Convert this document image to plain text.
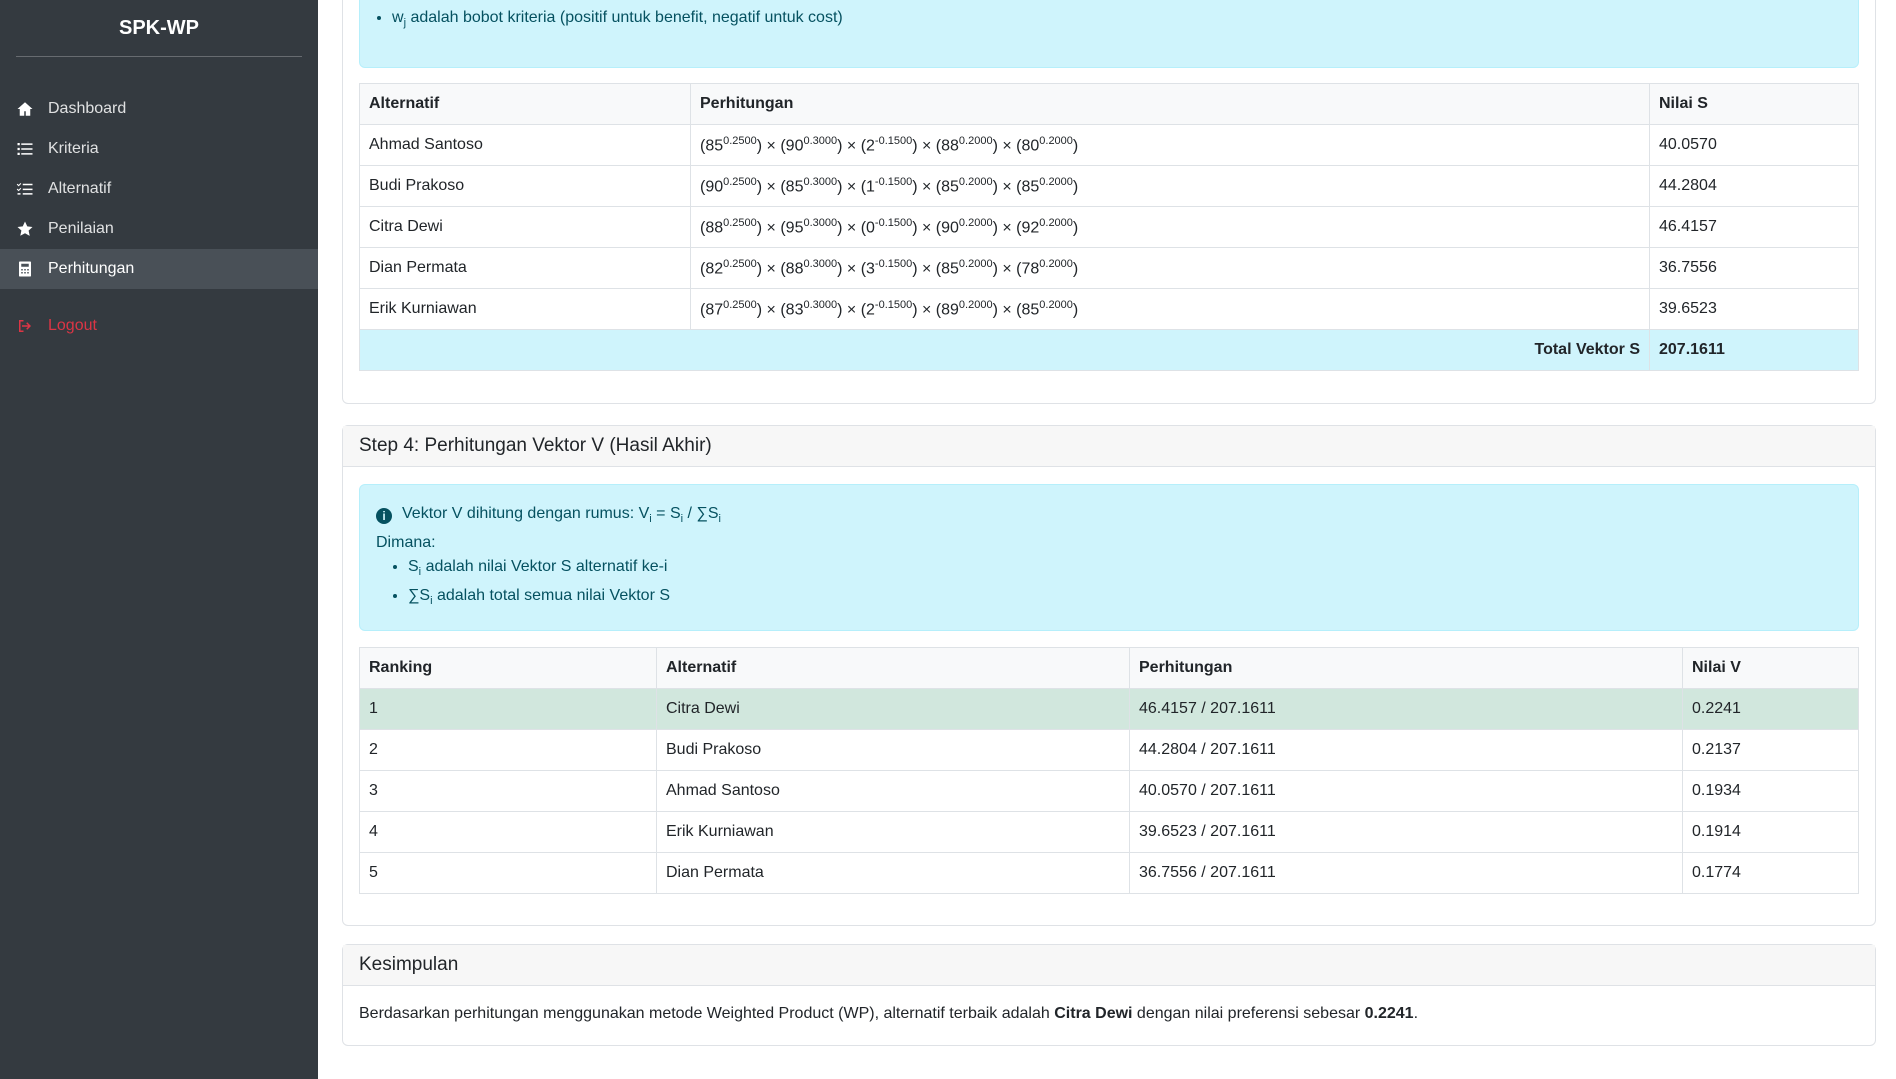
SPK-WP
Dashboard
Kriteria
Alternatif
Penilaian
Perhitungan
Logout
•
• $w_j$ adalah bobot kriteria (positif untuk benefit, negatif untuk cost)
Alternatif	Perhitungan	Nilai S
Ahmad Santoso	$(85^{0.2500}) \times (90^{0.3000}) \times (2^{-0.1500}) \times (88^{0.2000}) \times (80^{0.2000})$	40.0570
Budi Prakoso	$(90^{0.2500}) \times (85^{0.3000}) \times (1^{-0.1500}) \times (85^{0.2000}) \times (85^{0.2000})$	44.2804
Citra Dewi	$(88^{0.2500}) \times (95^{0.3000}) \times (0^{-0.1500}) \times (90^{0.2000}) \times (92^{0.2000})$	46.4157
Dian Permata	$(82^{0.2500}) \times (88^{0.3000}) \times (3^{-0.1500}) \times (85^{0.2000}) \times (78^{0.2000})$	36.7556
Erik Kurniawan	$(87^{0.2500}) \times (83^{0.3000}) \times (2^{-0.1500}) \times (89^{0.2000}) \times (85^{0.2000})$	39.6523
Total Vektor S		207.1611
Step 4: Perhitungan Vektor V (Hasil Akhir)
i Vektor V dihitung dengan rumus: $V_i = S_i / \sum S_i$
Dimana:
• $S_i$ adalah nilai Vektor S alternatif ke-i
• $\sum S_i$ adalah total semua nilai Vektor S
Ranking	Alternatif	Perhitungan	Nilai V
1	Citra Dewi	46.4157 / 207.1611	0.2241
2	Budi Prakoso	44.2804 / 207.1611	0.2137
3	Ahmad Santoso	40.0570 / 207.1611	0.1934
4	Erik Kurniawan	39.6523 / 207.1611	0.1914
5	Dian Permata	36.7556 / 207.1611	0.1774
Kesimpulan
Berdasarkan perhitungan menggunakan metode Weighted Product (WP), alternatif terbaik adalah Citra Dewi dengan nilai preferensi sebesar 0.2241.
